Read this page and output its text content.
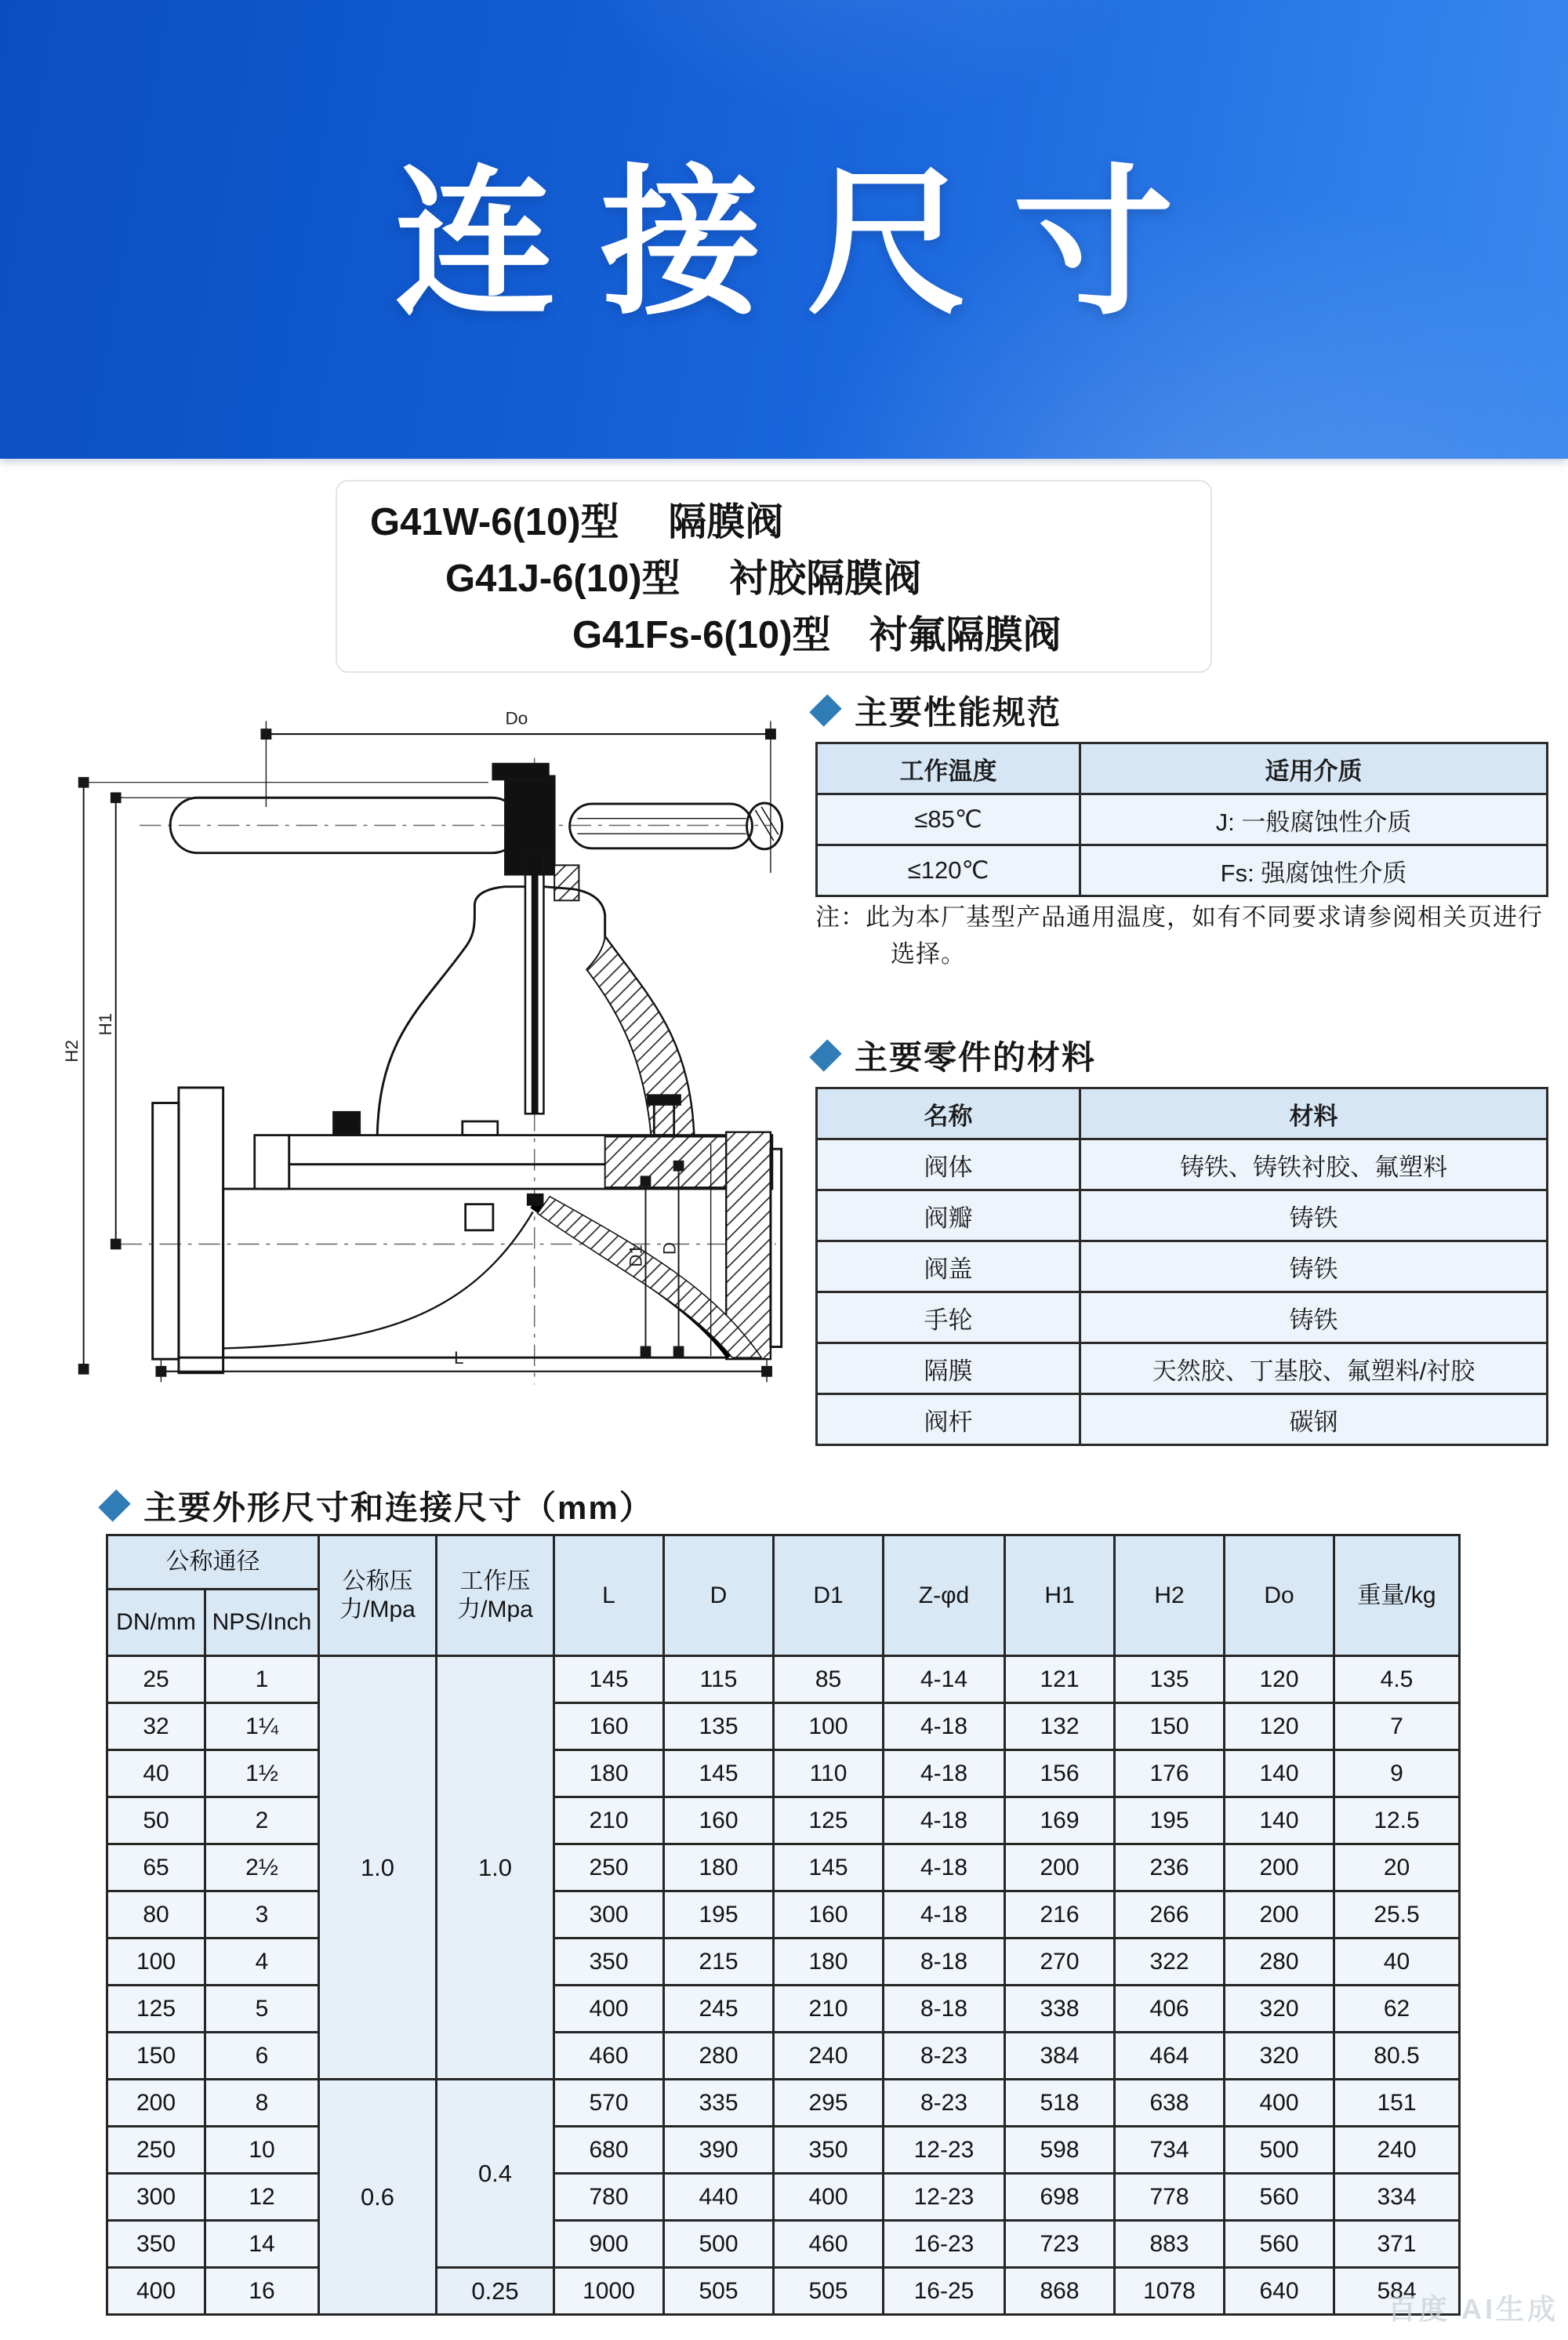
连接尺寸
G41W-6(10)型　 隔膜阀
G41J-6(10)型　 衬胶隔膜阀
G41Fs-6(10)型　衬氟隔膜阀
Do
H2
H1
D1 D
L
主要性能规范
工作温度	适用介质
≤85℃	J: 一般腐蚀性介质
≤120℃	Fs: 强腐蚀性介质
注：此为本厂基型产品通用温度，如有不同要求请参阅相关页进行选择。
主要零件的材料
名称	材料
阀体	铸铁、铸铁衬胶、氟塑料
阀瓣	铸铁
阀盖	铸铁
手轮	铸铁
隔膜	天然胶、丁基胶、氟塑料/衬胶
阀杆	碳钢
主要外形尺寸和连接尺寸（mm）
公称通径		公称压力/Mpa	工作压力/Mpa	L	D	D1	Z-φd	H1	H2	Do	重量/kg
DN/mm	NPS/Inch										
25	1	1.0	1.0	145	115	85	4-14	121	135	120	4.5
32	1¼			160	135	100	4-18	132	150	120	7
40	1½			180	145	110	4-18	156	176	140	9
50	2			210	160	125	4-18	169	195	140	12.5
65	2½			250	180	145	4-18	200	236	200	20
80	3			300	195	160	4-18	216	266	200	25.5
100	4			350	215	180	8-18	270	322	280	40
125	5			400	245	210	8-18	338	406	320	62
150	6			460	280	240	8-23	384	464	320	80.5
200	8	0.6	0.4	570	335	295	8-23	518	638	400	151
250	10			680	390	350	12-23	598	734	500	240
300	12			780	440	400	12-23	698	778	560	334
350	14			900	500	460	16-23	723	883	560	371
400	16		0.25	1000	505	505	16-25	868	1078	640	584
百度 AI生成
